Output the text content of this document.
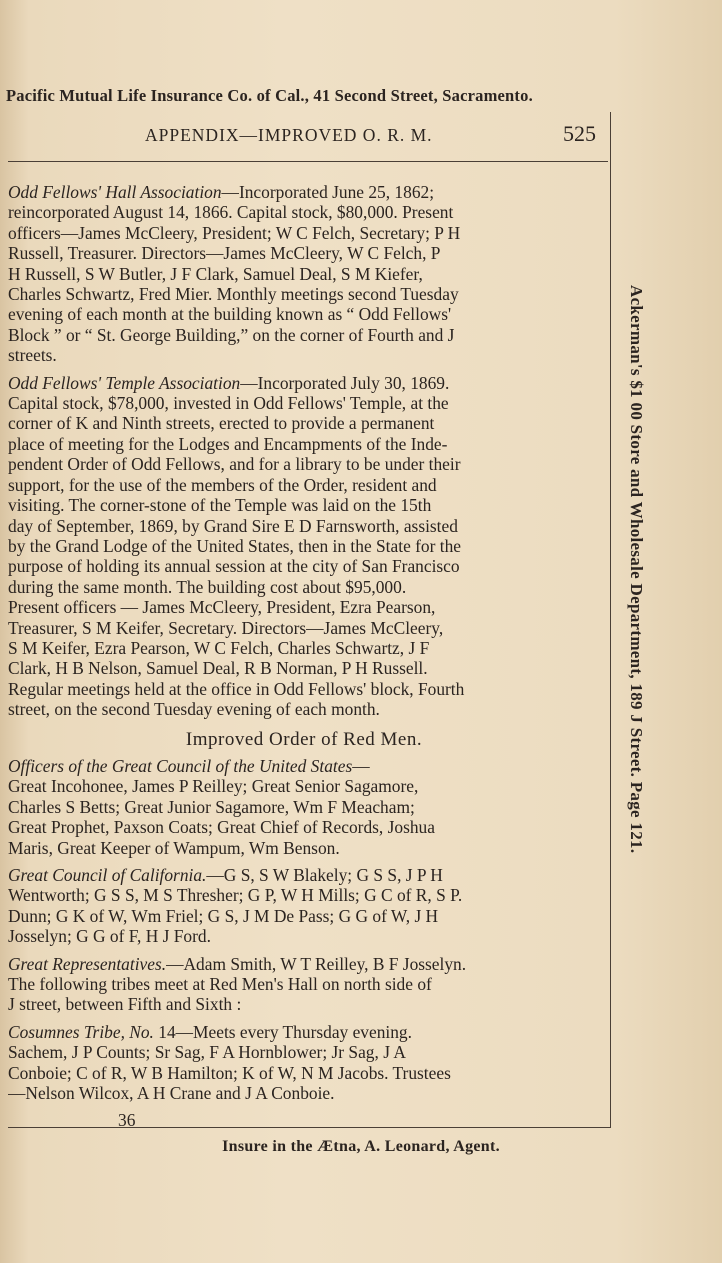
Pacific Mutual Life Insurance Co. of Cal., 41 Second Street, Sacramento.
Ackerman's $1 00 Store and Wholesale Department, 189 J Street. Page 121.
APPENDIX—IMPROVED O. R. M.	525
Odd Fellows' Hall Association—Incorporated June 25, 1862;
reincorporated August 14, 1866. Capital stock, $80,000. Present
officers—James McCleery, President; W C Felch, Secretary; P H
Russell, Treasurer. Directors—James McCleery, W C Felch, P
H Russell, S W Butler, J F Clark, Samuel Deal, S M Kiefer,
Charles Schwartz, Fred Mier. Monthly meetings second Tuesday
evening of each month at the building known as “ Odd Fellows'
Block ” or “ St. George Building,” on the corner of Fourth and J
streets.
Odd Fellows' Temple Association—Incorporated July 30, 1869.
Capital stock, $78,000, invested in Odd Fellows' Temple, at the
corner of K and Ninth streets, erected to provide a permanent
place of meeting for the Lodges and Encampments of the Inde-
pendent Order of Odd Fellows, and for a library to be under their
support, for the use of the members of the Order, resident and
visiting. The corner-stone of the Temple was laid on the 15th
day of September, 1869, by Grand Sire E D Farnsworth, assisted
by the Grand Lodge of the United States, then in the State for the
purpose of holding its annual session at the city of San Francisco
during the same month. The building cost about $95,000.
Present officers — James McCleery, President, Ezra Pearson,
Treasurer, S M Keifer, Secretary. Directors—James McCleery,
S M Keifer, Ezra Pearson, W C Felch, Charles Schwartz, J F
Clark, H B Nelson, Samuel Deal, R B Norman, P H Russell.
Regular meetings held at the office in Odd Fellows' block, Fourth
street, on the second Tuesday evening of each month.
Improved Order of Red Men.
Officers of the Great Council of the United States—
Great Incohonee, James P Reilley; Great Senior Sagamore,
Charles S Betts; Great Junior Sagamore, Wm F Meacham;
Great Prophet, Paxson Coats; Great Chief of Records, Joshua
Maris, Great Keeper of Wampum, Wm Benson.
Great Council of California.—G S, S W Blakely; G S S, J P H
Wentworth; G S S, M S Thresher; G P, W H Mills; G C of R, S P.
Dunn; G K of W, Wm Friel; G S, J M De Pass; G G of W, J H
Josselyn; G G of F, H J Ford.
Great Representatives.—Adam Smith, W T Reilley, B F Josselyn.
The following tribes meet at Red Men's Hall on north side of
J street, between Fifth and Sixth :
Cosumnes Tribe, No. 14—Meets every Thursday evening.
Sachem, J P Counts; Sr Sag, F A Hornblower; Jr Sag, J A
Conboie; C of R, W B Hamilton; K of W, N M Jacobs. Trustees
—Nelson Wilcox, A H Crane and J A Conboie.
36
Insure in the Ætna, A. Leonard, Agent.
